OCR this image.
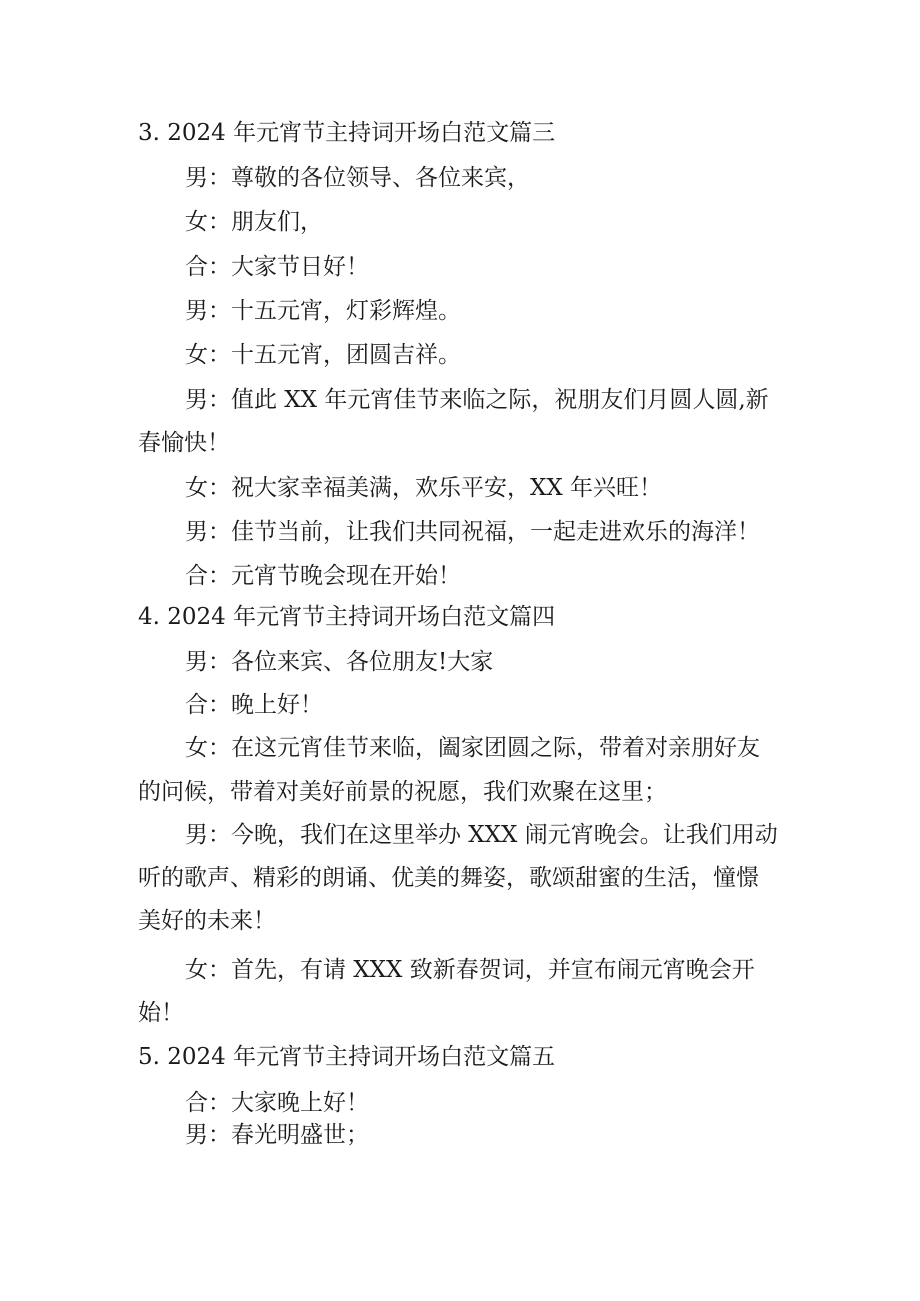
3. 2024 年元宵节主持词开场白范文篇三
男：尊敬的各位领导、各位来宾，
女：朋友们，
合：大家节日好！
男：十五元宵，灯彩辉煌。
女：十五元宵，团圆吉祥。
男：值此 XX 年元宵佳节来临之际，祝朋友们月圆人圆,新
春愉快！
女：祝大家幸福美满，欢乐平安，XX 年兴旺！
男：佳节当前，让我们共同祝福，一起走进欢乐的海洋！
合：元宵节晚会现在开始！
4. 2024 年元宵节主持词开场白范文篇四
男：各位来宾、各位朋友!大家
合：晚上好！
女：在这元宵佳节来临，阖家团圆之际，带着对亲朋好友
的问候，带着对美好前景的祝愿，我们欢聚在这里；
男：今晚，我们在这里举办 XXX 闹元宵晚会。让我们用动
听的歌声、精彩的朗诵、优美的舞姿，歌颂甜蜜的生活，憧憬
美好的未来！
女：首先，有请 XXX 致新春贺词，并宣布闹元宵晚会开
始！
5. 2024 年元宵节主持词开场白范文篇五
合：大家晚上好！
男：春光明盛世；
